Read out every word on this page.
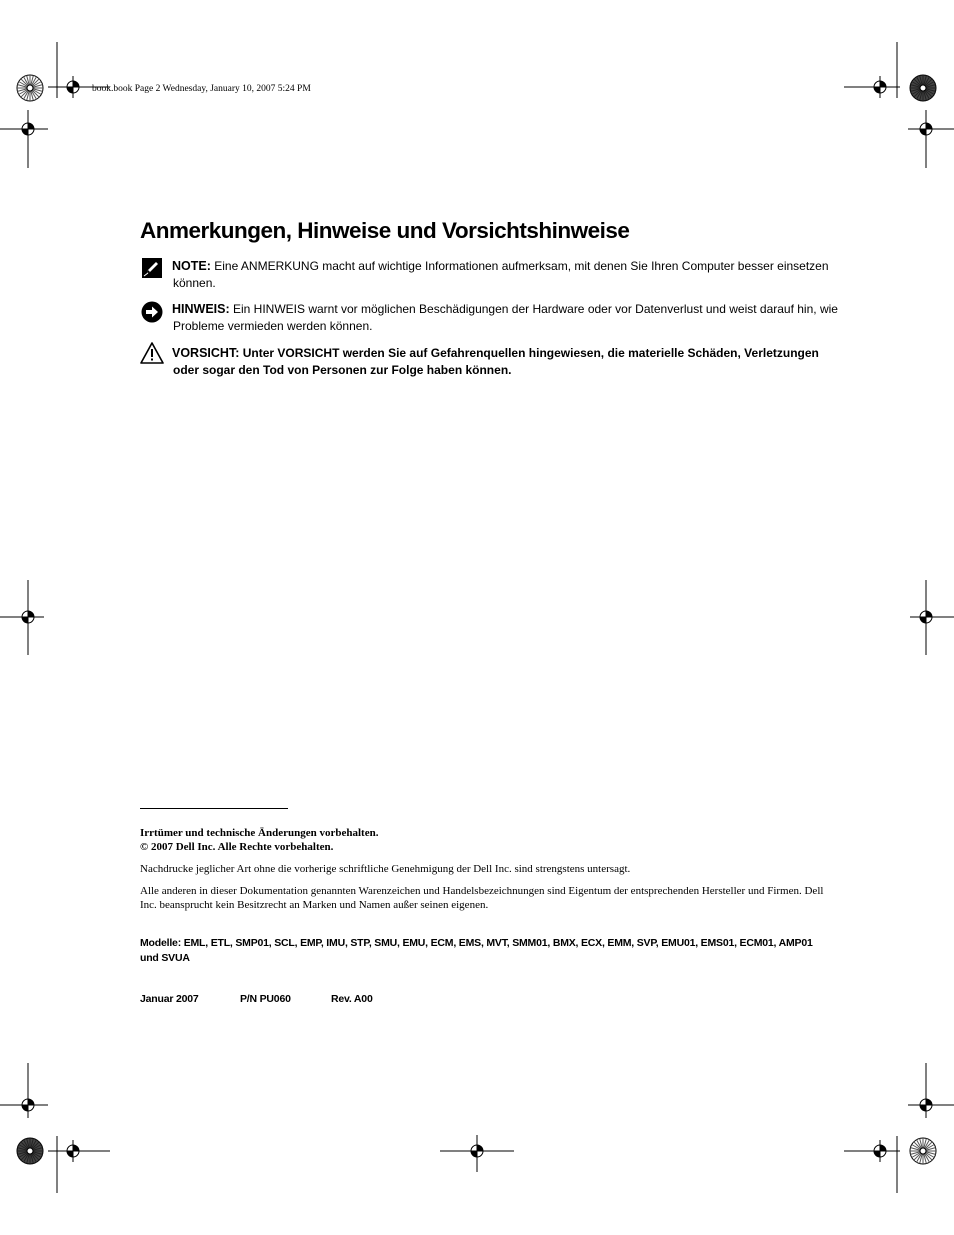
book.book Page 2 Wednesday, January 10, 2007 5:24 PM
Anmerkungen, Hinweise und Vorsichtshinweise
NOTE: Eine ANMERKUNG macht auf wichtige Informationen aufmerksam, mit denen Sie Ihren Computer besser einsetzen können.
HINWEIS: Ein HINWEIS warnt vor möglichen Beschädigungen der Hardware oder vor Datenverlust und weist darauf hin, wie Probleme vermieden werden können.
VORSICHT: Unter VORSICHT werden Sie auf Gefahrenquellen hingewiesen, die materielle Schäden, Verletzungen oder sogar den Tod von Personen zur Folge haben können.
Irrtümer und technische Änderungen vorbehalten.
© 2007 Dell Inc. Alle Rechte vorbehalten.
Nachdrucke jeglicher Art ohne die vorherige schriftliche Genehmigung der Dell Inc. sind strengstens untersagt.
Alle anderen in dieser Dokumentation genannten Warenzeichen und Handelsbezeichnungen sind Eigentum der entsprechenden Hersteller und Firmen. Dell Inc. beansprucht kein Besitzrecht an Marken und Namen außer seinen eigenen.
Modelle: EML, ETL, SMP01, SCL, EMP, IMU, STP, SMU, EMU, ECM, EMS, MVT, SMM01, BMX, ECX, EMM, SVP, EMU01, EMS01, ECM01, AMP01 und SVUA
Januar 2007	P/N PU060	Rev. A00
